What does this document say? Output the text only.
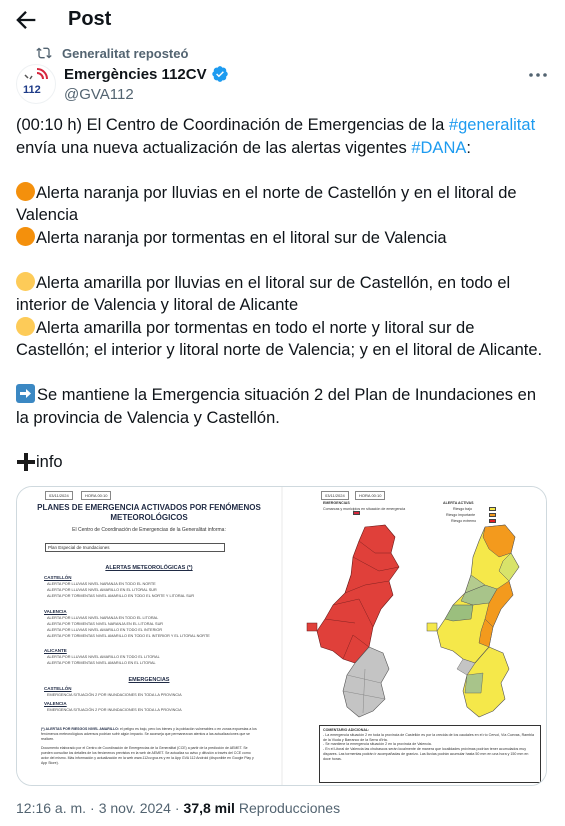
Post
Generalitat reposteó
112
Emergències 112CV
@GVA112

(00:10 h) El Centro de Coordinación de Emergencias de la #generalitat envía una nueva actualización de las alertas vigentes #DANA:

Alerta naranja por lluvias en el norte de Castellón y en el litoral de Valencia

Alerta naranja por tormentas en el litoral sur de Valencia

Alerta amarilla por lluvias en el litoral sur de Castellón, en todo el interior de Valencia y litoral de Alicante

Alerta amarilla por tormentas en todo el norte y litoral sur de Castellón; el interior y litoral norte de Valencia; y en el litoral de Alicante.

Se mantiene la Emergencia situación 2 del Plan de Inundaciones en la provincia de Valencia y Castellón.

info
03/11/2024	HORA 00:10
PLANES DE EMERGENCIA ACTIVADOS POR FENÓMENOS METEOROLÓGICOS
El Centro de Coordinación de Emergencias de la Generalitat informa:
Plan Especial de Inundaciones
ALERTAS METEOROLÓGICAS (*)
CASTELLÓN
ALERTA POR LLUVIAS NIVEL NARANJA EN TODO EL NORTE
ALERTA POR LLUVIAS NIVEL AMARILLO EN EL LITORAL SUR
ALERTA POR TORMENTAS NIVEL AMARILLO EN TODO EL NORTE Y LITORAL SUR
VALENCIA
ALERTA POR LLUVIAS NIVEL NARANJA EN TODO EL LITORAL
ALERTA POR TORMENTAS NIVEL NARANJA EN EL LITORAL SUR
ALERTA POR LLUVIAS NIVEL AMARILLO EN TODO EL INTERIOR
ALERTA POR TORMENTAS NIVEL AMARILLO EN TODO EL INTERIOR Y EL LITORAL NORTE
ALICANTE
ALERTA POR LLUVIAS NIVEL AMARILLO EN TODO EL LITORAL
ALERTA POR TORMENTAS NIVEL AMARILLO EN EL LITORAL
EMERGENCIAS
CASTELLÓN
EMERGENCIA SITUACIÓN 2 POR INUNDACIONES EN TODA LA PROVINCIA
VALENCIA
EMERGENCIA SITUACIÓN 2 POR INUNDACIONES EN TODA LA PROVINCIA
(*) ALERTAS POR RIESGOS NIVEL AMARILLO: el peligro es bajo, pero los bienes y la población vulnerables o en zonas expuestas a los fenómenos meteorológicos adversos podrían sufrir algún impacto. Se aconseja que permanezcan atentos a las actualizaciones que se realicen.
Documento elaborado por el Centro de Coordinación de Emergencias de la Generalitat (CCE) a partir de la predicción de AEMET. Se pueden consultar los detalles de los fenómenos previstos en la web de AEMET. Se actualiza su aviso y difusión a través del CCE como actor del mismo. Más información y actualización en la web www.112cv.gva.es y en la App GVA 112 Android (disponible en Google Play y App Store).
03/11/2024	HORA 00:10
EMERGENCIAS
Comarcas y municipios en situación de emergencia
ALERTA ACTIVAS
Riesgo bajo
Riesgo importante
Riesgo extremo
COMENTARIO ADICIONAL:
- La emergencia situación 2 en toda la provincia de Castellón es por la crecida de los caudales en el río Cervol, Vía Cuevas, Rambla de la Viuda y Barranco de la Serra d'Irta.
- Se mantiene la emergencia situación 2 en la provincia de Valencia.
- En el Litoral de Valencia las chubascos serán localmente de manera que localidades próximas podrían tener acumulados muy dispares. Las tormentas podrán ir acompañadas de granizo. Las lluvias podrán acumular hasta 50 mm en una hora y 150 mm en doce horas.
12:16 a. m. · 3 nov. 2024 · 37,8 mil Reproducciones
